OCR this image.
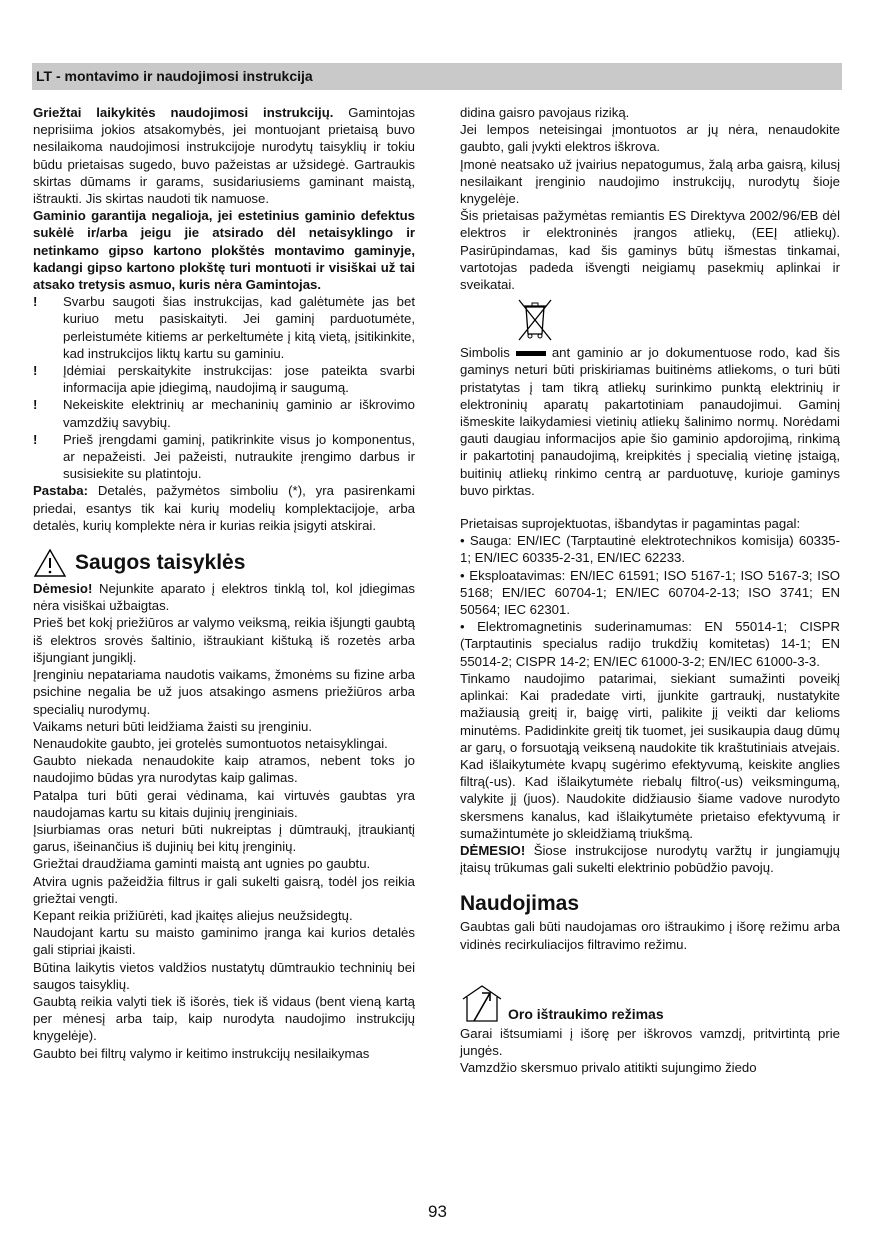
LT - montavimo ir naudojimosi instrukcija

Griežtai laikykitės naudojimosi instrukcijų. Gamintojas neprisiima jokios atsakomybės, jei montuojant prietaisą buvo nesilaikoma naudojimosi instrukcijoje nurodytų taisyklių ir tokiu būdu prietaisas sugedo, buvo pažeistas ar užsidegė. Gartraukis skirtas dūmams ir garams, susidariusiems gaminant maistą, ištraukti. Jis skirtas naudoti tik namuose.

Gaminio garantija negalioja, jei estetinius gaminio defektus sukėlė ir/arba jeigu jie atsirado dėl netaisyklingo ir netinkamo gipso kartono plokštės montavimo gaminyje, kadangi gipso kartono plokštę turi montuoti ir visiškai už tai atsako tretysis asmuo, kuris nėra Gamintojas.

!	Svarbu saugoti šias instrukcijas, kad galėtumėte jas bet kuriuo metu pasiskaityti. Jei gaminį parduotumėte, perleistumėte kitiems ar perkeltumėte į kitą vietą, įsitikinkite, kad instrukcijos liktų kartu su gaminiu.
!	Įdėmiai perskaitykite instrukcijas: jose pateikta svarbi informacija apie įdiegimą, naudojimą ir saugumą.
!	Nekeiskite elektrinių ar mechaninių gaminio ar iškrovimo vamzdžių savybių.
!	Prieš įrengdami gaminį, patikrinkite visus jo komponentus, ar nepažeisti. Jei pažeisti, nutraukite įrengimo darbus ir susisiekite su platintoju.

Pastaba: Detalės, pažymėtos simboliu (*), yra pasirenkami priedai, esantys tik kai kurių modelių komplektacijoje, arba detalės, kurių komplekte nėra ir kurias reikia įsigyti atskirai.

Saugos taisyklės

Dėmesio! Nejunkite aparato į elektros tinklą tol, kol įdiegimas nėra visiškai užbaigtas.

Prieš bet kokį priežiūros ar valymo veiksmą, reikia išjungti gaubtą iš elektros srovės šaltinio, ištraukiant kištuką iš rozetės arba išjungiant jungiklį.

Įrenginiu nepatariama naudotis vaikams, žmonėms su fizine arba psichine negalia be už juos atsakingo asmens priežiūros arba specialių nurodymų.

Vaikams neturi būti leidžiama žaisti su įrenginiu.

Nenaudokite gaubto, jei grotelės sumontuotos netaisyklingai.

Gaubto niekada nenaudokite kaip atramos, nebent toks jo naudojimo būdas yra nurodytas kaip galimas.

Patalpa turi būti gerai vėdinama, kai virtuvės gaubtas yra naudojamas kartu su kitais dujinių įrenginiais.

Įsiurbiamas oras neturi būti nukreiptas į dūmtraukį, įtraukiantį garus, išeinančius iš dujinių bei kitų įrenginių.

Griežtai draudžiama gaminti maistą ant ugnies po gaubtu.

Atvira ugnis pažeidžia filtrus ir gali sukelti gaisrą, todėl jos reikia griežtai vengti.

Kepant reikia prižiūrėti, kad įkaitęs aliejus neužsidegtų.

Naudojant kartu su maisto gaminimo įranga kai kurios detalės gali stipriai įkaisti.

Būtina laikytis vietos valdžios nustatytų dūmtraukio techninių bei saugos taisyklių.

Gaubtą reikia valyti tiek iš išorės, tiek iš vidaus (bent vieną kartą per mėnesį arba taip, kaip nurodyta naudojimo instrukcijų knygelėje).

Gaubto bei filtrų valymo ir keitimo instrukcijų nesilaikymas

didina gaisro pavojaus riziką.

Jei lempos neteisingai įmontuotos ar jų nėra, nenaudokite gaubto, gali įvykti elektros iškrova.

Įmonė neatsako už įvairius nepatogumus, žalą arba gaisrą, kilusį nesilaikant įrenginio naudojimo instrukcijų, nurodytų šioje knygelėje.

Šis prietaisas pažymėtas remiantis ES Direktyva 2002/96/EB dėl elektros ir elektroninės įrangos atliekų, (EEĮ atliekų). Pasirūpindamas, kad šis gaminys būtų išmestas tinkamai, vartotojas padeda išvengti neigiamų pasekmių aplinkai ir sveikatai.

Simbolis	ant gaminio ar jo dokumentuose rodo, kad šis gaminys neturi būti priskiriamas buitinėms atliekoms, o turi būti pristatytas į tam tikrą atliekų surinkimo punktą elektrinių ir elektroninių aparatų pakartotiniam panaudojimui. Gaminį išmeskite laikydamiesi vietinių atliekų šalinimo normų. Norėdami gauti daugiau informacijos apie šio gaminio apdorojimą, rinkimą ir pakartotinį panaudojimą, kreipkitės į specialią vietinę įstaigą, buitinių atliekų rinkimo centrą ar parduotuvę, kurioje gaminys buvo pirktas.

Prietaisas suprojektuotas, išbandytas ir pagamintas pagal:

• Sauga: EN/IEC (Tarptautinė elektrotechnikos komisija) 60335-1; EN/IEC 60335-2-31, EN/IEC 62233.

• Eksploatavimas: EN/IEC 61591; ISO 5167-1; ISO 5167-3; ISO 5168; EN/IEC 60704-1; EN/IEC 60704-2-13; ISO 3741; EN 50564; IEC 62301.

• Elektromagnetinis suderinamumas: EN 55014-1; CISPR (Tarptautinis specialus radijo trukdžių komitetas) 14-1; EN 55014-2; CISPR 14-2; EN/IEC 61000-3-2; EN/IEC 61000-3-3.

Tinkamo naudojimo patarimai, siekiant sumažinti poveikį aplinkai: Kai pradedate virti, įjunkite gartraukį, nustatykite mažiausią greitį ir, baigę virti, palikite jį veikti dar kelioms minutėms. Padidinkite greitį tik tuomet, jei susikaupia daug dūmų ar garų, o forsuotąją veikseną naudokite tik kraštutiniais atvejais. Kad išlaikytumėte kvapų sugėrimo efektyvumą, keiskite anglies filtrą(-us). Kad išlaikytumėte riebalų filtro(-us) veiksmingumą, valykite jį (juos). Naudokite didžiausio šiame vadove nurodyto skersmens kanalus, kad išlaikytumėte prietaiso efektyvumą ir sumažintumėte jo skleidžiamą triukšmą.

DĖMESIO! Šiose instrukcijose nurodytų varžtų ir jungiamųjų įtaisų trūkumas gali sukelti elektrinio pobūdžio pavojų.

Naudojimas

Gaubtas gali būti naudojamas oro ištraukimo į išorę režimu arba vidinės recirkuliacijos filtravimo režimu.

Oro ištraukimo režimas

Garai ištsumiami į išorę per iškrovos vamzdį, pritvirtintą prie jungės.

Vamzdžio skersmuo privalo atitikti sujungimo žiedo

93
